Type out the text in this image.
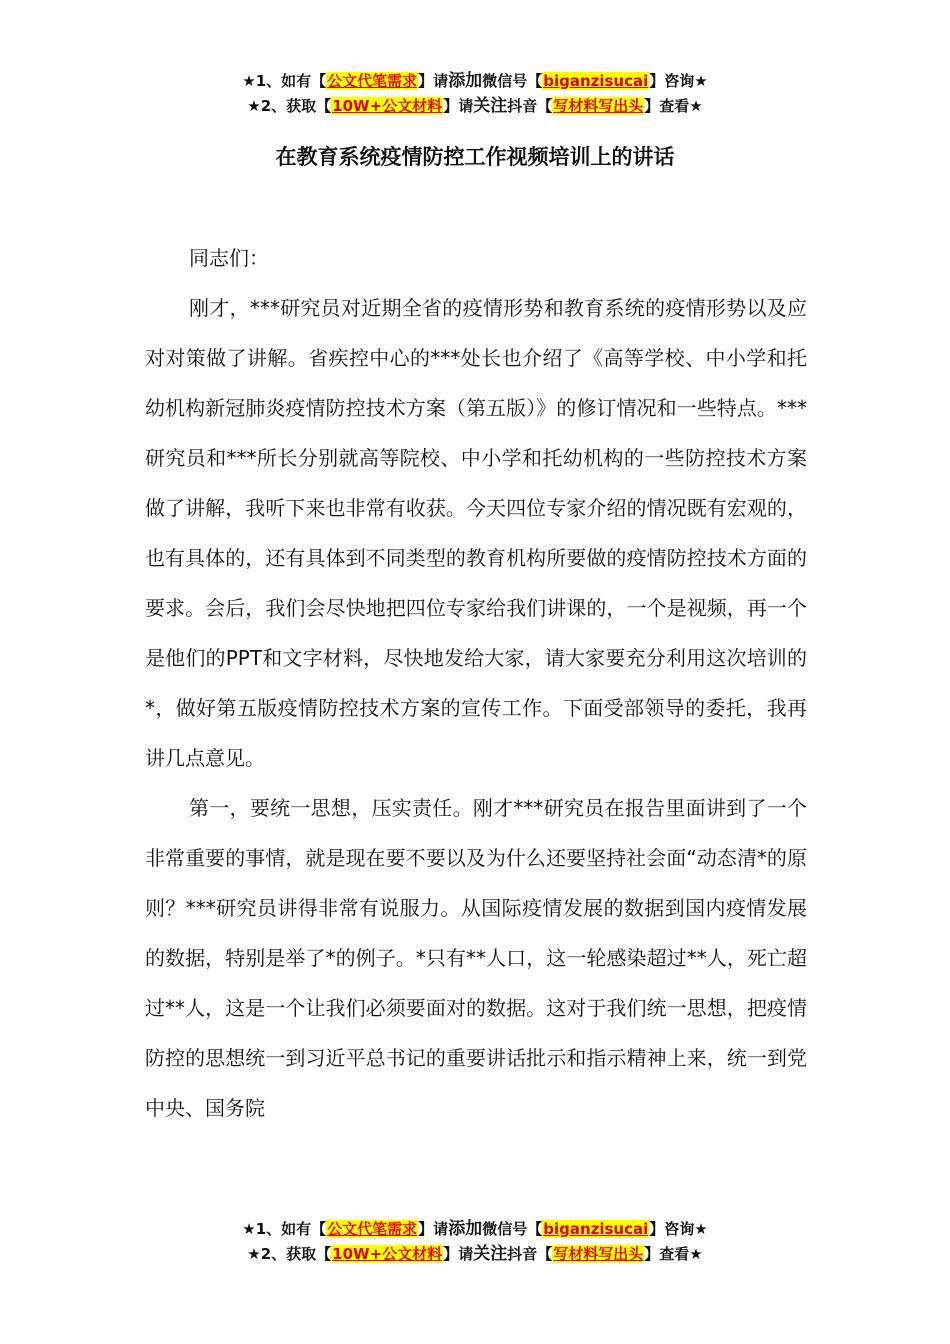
★1、如有【公文代笔需求】请添加微信号【biganzisucai】咨询★
★2、获取【10W+公文材料】请关注抖音【写材料写出头】查看★
在教育系统疫情防控工作视频培训上的讲话

同志们：

刚才，***研究员对近期全省的疫情形势和教育系统的疫情形势以及应对对策做了讲解。省疾控中心的***处长也介绍了《高等学校、中小学和托幼机构新冠肺炎疫情防控技术方案（第五版）》的修订情况和一些特点。***研究员和***所长分别就高等院校、中小学和托幼机构的一些防控技术方案做了讲解，我听下来也非常有收获。今天四位专家介绍的情况既有宏观的，也有具体的，还有具体到不同类型的教育机构所要做的疫情防控技术方面的要求。会后，我们会尽快地把四位专家给我们讲课的，一个是视频，再一个是他们的PPT和文字材料，尽快地发给大家，请大家要充分利用这次培训的*，做好第五版疫情防控技术方案的宣传工作。下面受部领导的委托，我再讲几点意见。

第一，要统一思想，压实责任。刚才***研究员在报告里面讲到了一个非常重要的事情，就是现在要不要以及为什么还要坚持社会面“动态清*的原则？***研究员讲得非常有说服力。从国际疫情发展的数据到国内疫情发展的数据，特别是举了*的例子。*只有**人口，这一轮感染超过**人，死亡超过**人，这是一个让我们必须要面对的数据。这对于我们统一思想，把疫情防控的思想统一到习近平总书记的重要讲话批示和指示精神上来，统一到党中央、国务院

★1、如有【公文代笔需求】请添加微信号【biganzisucai】咨询★
★2、获取【10W+公文材料】请关注抖音【写材料写出头】查看★
